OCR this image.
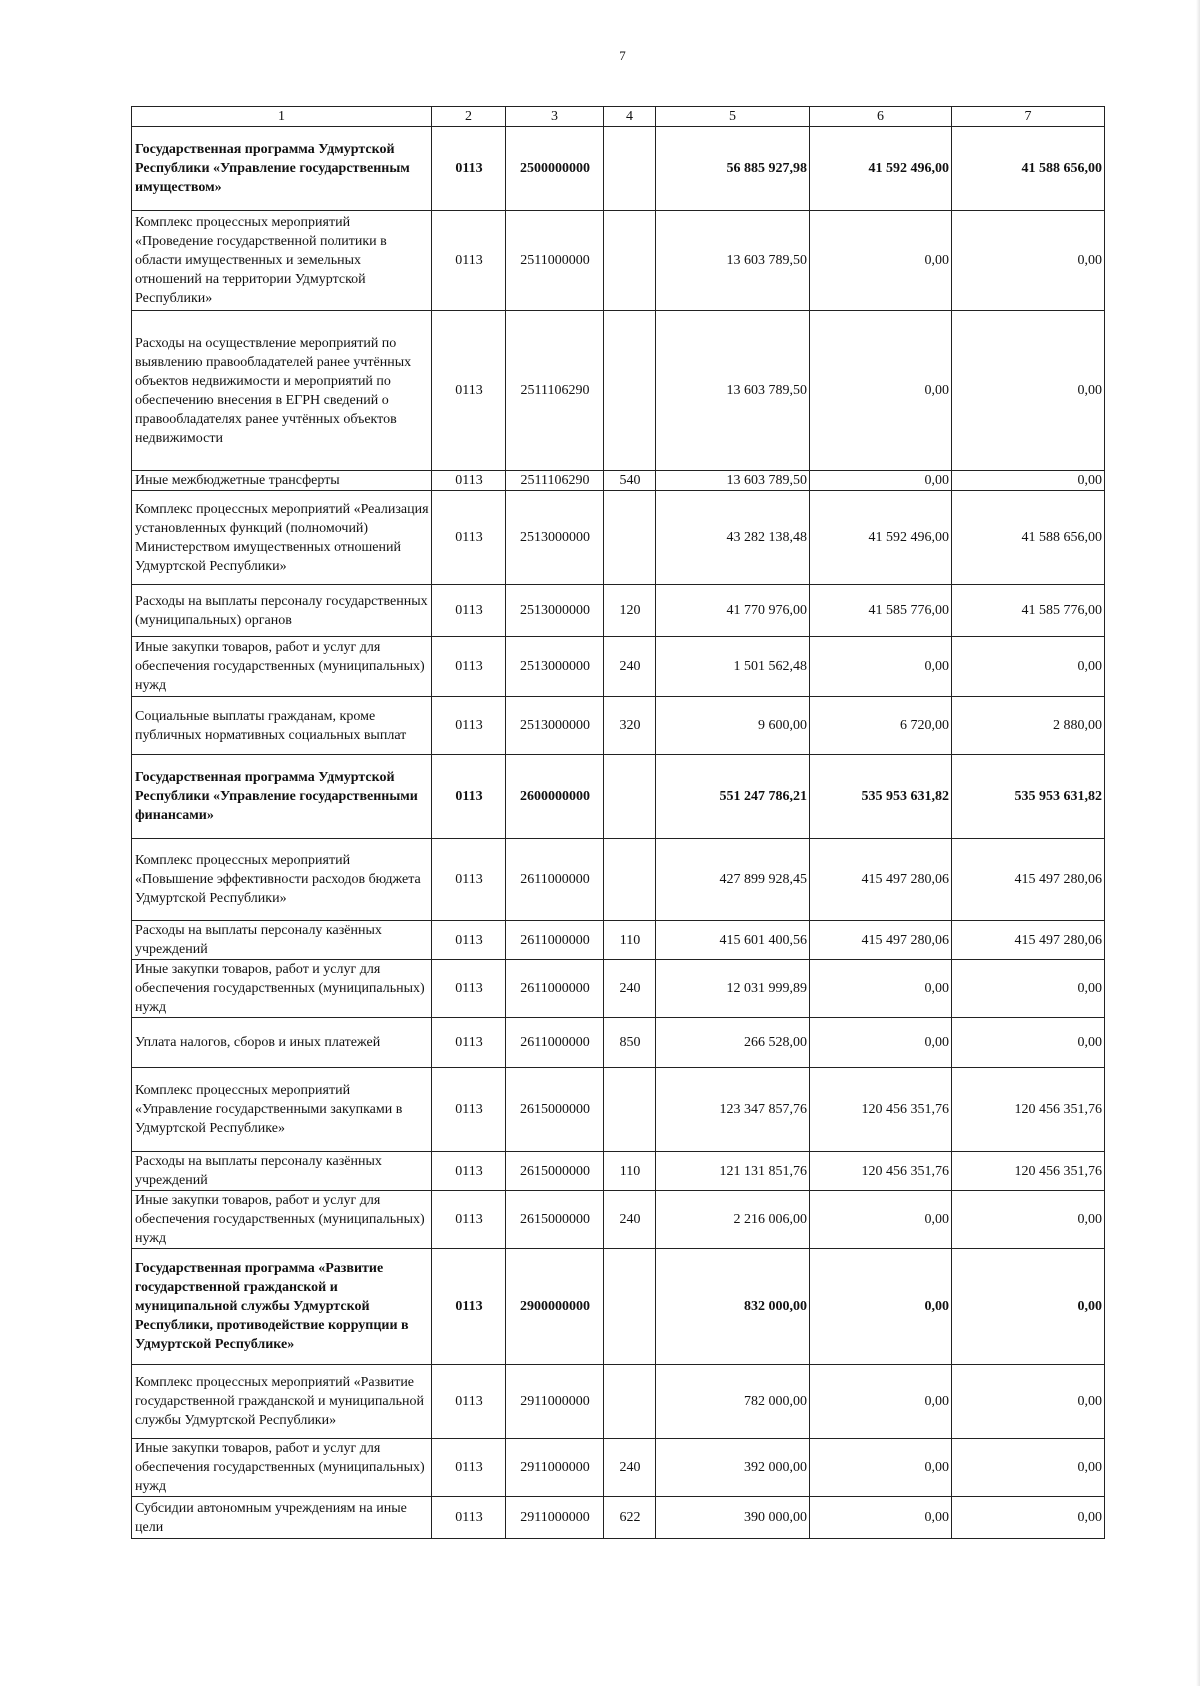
7
1	2	3	4	5	6	7
Государственная программа Удмуртской Республики «Управление государственным имуществом»	0113	2500000000		56 885 927,98	41 592 496,00	41 588 656,00
Комплекс процессных мероприятий «Проведение государственной политики в области имущественных и земельных отношений на территории Удмуртской Республики»	0113	2511000000		13 603 789,50	0,00	0,00
Расходы на осуществление мероприятий по выявлению правообладателей ранее учтённых объектов недвижимости и мероприятий по обеспечению внесения в ЕГРН сведений о правообладателях ранее учтённых объектов недвижимости	0113	2511106290		13 603 789,50	0,00	0,00
Иные межбюджетные трансферты	0113	2511106290	540	13 603 789,50	0,00	0,00
Комплекс процессных мероприятий «Реализация установленных функций (полномочий) Министерством имущественных отношений Удмуртской Республики»	0113	2513000000		43 282 138,48	41 592 496,00	41 588 656,00
Расходы на выплаты персоналу государственных (муниципальных) органов	0113	2513000000	120	41 770 976,00	41 585 776,00	41 585 776,00
Иные закупки товаров, работ и услуг для обеспечения государственных (муниципальных) нужд	0113	2513000000	240	1 501 562,48	0,00	0,00
Социальные выплаты гражданам, кроме публичных нормативных социальных выплат	0113	2513000000	320	9 600,00	6 720,00	2 880,00
Государственная программа Удмуртской Республики «Управление государственными финансами»	0113	2600000000		551 247 786,21	535 953 631,82	535 953 631,82
Комплекс процессных мероприятий «Повышение эффективности расходов бюджета Удмуртской Республики»	0113	2611000000		427 899 928,45	415 497 280,06	415 497 280,06
Расходы на выплаты персоналу казённых учреждений	0113	2611000000	110	415 601 400,56	415 497 280,06	415 497 280,06
Иные закупки товаров, работ и услуг для обеспечения государственных (муниципальных) нужд	0113	2611000000	240	12 031 999,89	0,00	0,00
Уплата налогов, сборов и иных платежей	0113	2611000000	850	266 528,00	0,00	0,00
Комплекс процессных мероприятий «Управление государственными закупками в Удмуртской Республике»	0113	2615000000		123 347 857,76	120 456 351,76	120 456 351,76
Расходы на выплаты персоналу казённых учреждений	0113	2615000000	110	121 131 851,76	120 456 351,76	120 456 351,76
Иные закупки товаров, работ и услуг для обеспечения государственных (муниципальных) нужд	0113	2615000000	240	2 216 006,00	0,00	0,00
Государственная программа «Развитие государственной гражданской и муниципальной службы Удмуртской Республики, противодействие коррупции в Удмуртской Республике»	0113	2900000000		832 000,00	0,00	0,00
Комплекс процессных мероприятий «Развитие государственной гражданской и муниципальной службы Удмуртской Республики»	0113	2911000000		782 000,00	0,00	0,00
Иные закупки товаров, работ и услуг для обеспечения государственных (муниципальных) нужд	0113	2911000000	240	392 000,00	0,00	0,00
Субсидии автономным учреждениям на иные цели	0113	2911000000	622	390 000,00	0,00	0,00
